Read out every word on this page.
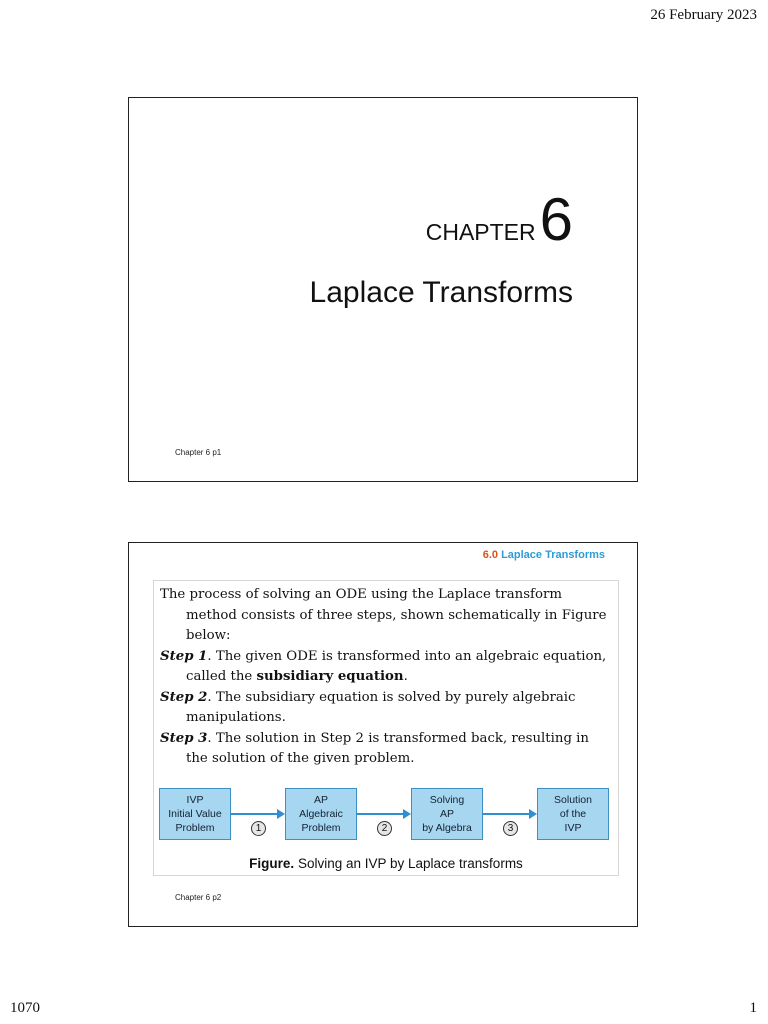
26 February 2023
CHAPTER 6
Laplace Transforms
Chapter 6 p1
6.0 Laplace Transforms
The process of solving an ODE using the Laplace transform method consists of three steps, shown schematically in Figure below:
Step 1. The given ODE is transformed into an algebraic equation, called the subsidiary equation.
Step 2. The subsidiary equation is solved by purely algebraic manipulations.
Step 3. The solution in Step 2 is transformed back, resulting in the solution of the given problem.
IVP
Initial Value
Problem	1
AP
Algebraic
Problem	2
Solving
AP
by Algebra	3
Solution
of the
IVP
Figure. Solving an IVP by Laplace transforms
Chapter 6 p2
1070	1
